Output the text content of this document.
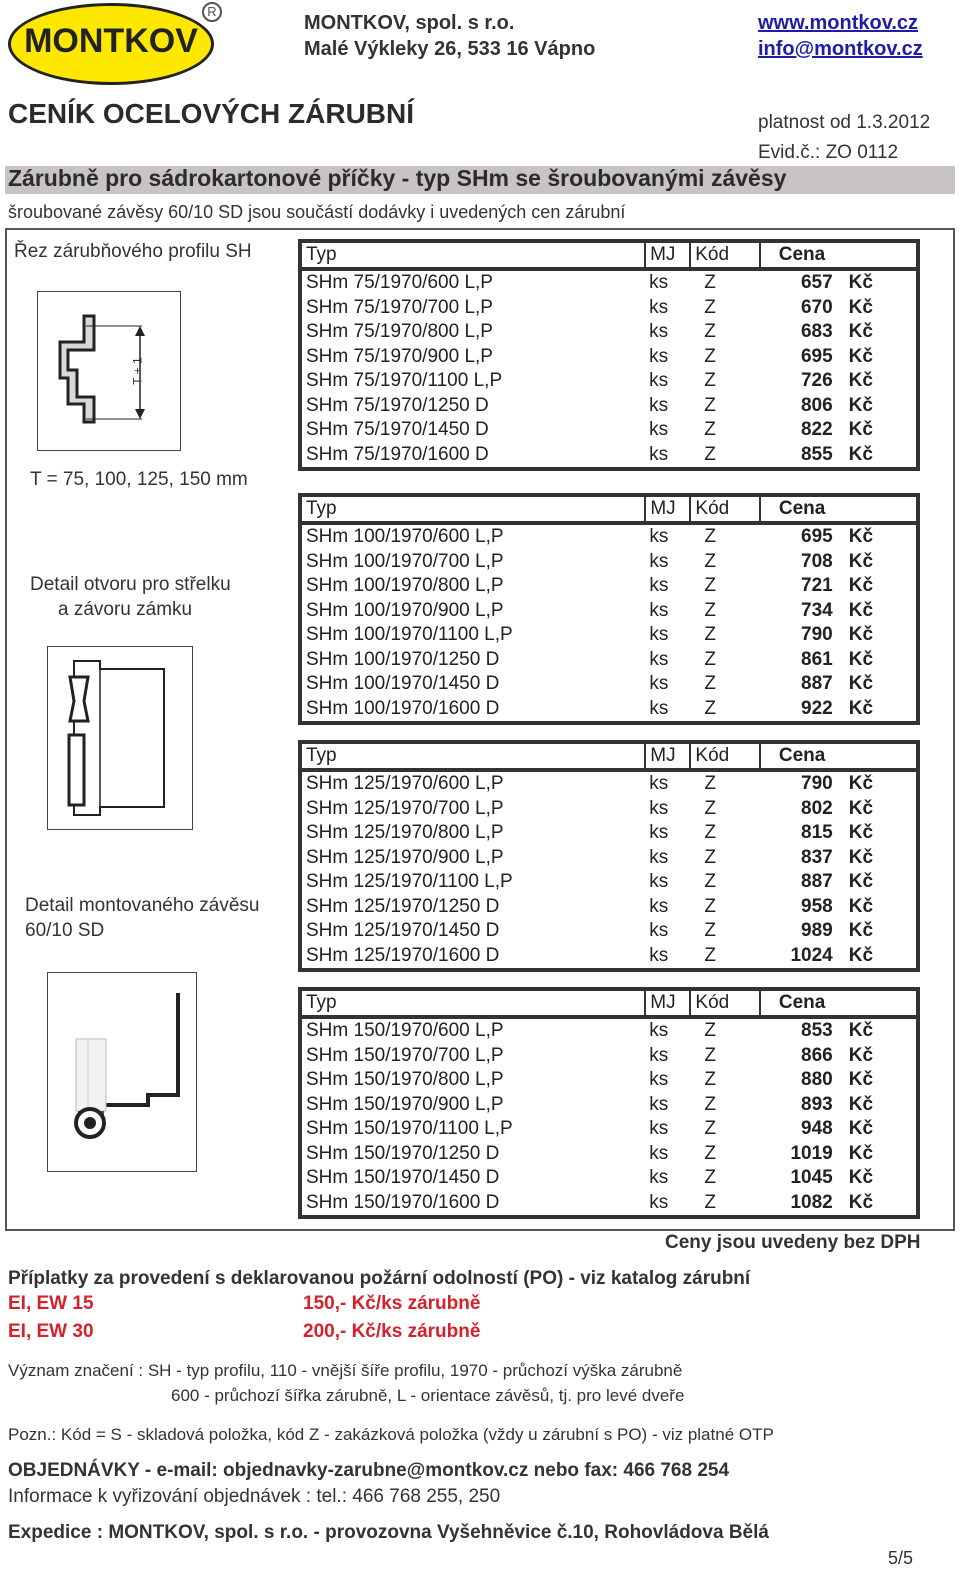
MONTKOV
R
MONTKOV, spol. s r.o.
Malé Výkleky 26, 533 16 Vápno
www.montkov.cz
info@montkov.cz
CENÍK OCELOVÝCH ZÁRUBNÍ	platnost od 1.3.2012
Evid.č.: ZO 0112
Zárubně pro sádrokartonové příčky - typ SHm se šroubovanými závěsy
šroubované závěsy 60/10 SD jsou součástí dodávky i uvedených cen zárubní
Řez zárubňového profilu SH
T + 1
T = 75, 100, 125, 150 mm
Detail otvoru pro střelku
a závoru zámku
Detail montovaného závěsu
60/10 SD
Typ	MJ	Kód	Cena	
SHm 75/1970/600 L,P	ks	Z	657	Kč
SHm 75/1970/700 L,P	ks	Z	670	Kč
SHm 75/1970/800 L,P	ks	Z	683	Kč
SHm 75/1970/900 L,P	ks	Z	695	Kč
SHm 75/1970/1100 L,P	ks	Z	726	Kč
SHm 75/1970/1250 D	ks	Z	806	Kč
SHm 75/1970/1450 D	ks	Z	822	Kč
SHm 75/1970/1600 D	ks	Z	855	Kč
Typ	MJ	Kód	Cena	
SHm 100/1970/600 L,P	ks	Z	695	Kč
SHm 100/1970/700 L,P	ks	Z	708	Kč
SHm 100/1970/800 L,P	ks	Z	721	Kč
SHm 100/1970/900 L,P	ks	Z	734	Kč
SHm 100/1970/1100 L,P	ks	Z	790	Kč
SHm 100/1970/1250 D	ks	Z	861	Kč
SHm 100/1970/1450 D	ks	Z	887	Kč
SHm 100/1970/1600 D	ks	Z	922	Kč
Typ	MJ	Kód	Cena	
SHm 125/1970/600 L,P	ks	Z	790	Kč
SHm 125/1970/700 L,P	ks	Z	802	Kč
SHm 125/1970/800 L,P	ks	Z	815	Kč
SHm 125/1970/900 L,P	ks	Z	837	Kč
SHm 125/1970/1100 L,P	ks	Z	887	Kč
SHm 125/1970/1250 D	ks	Z	958	Kč
SHm 125/1970/1450 D	ks	Z	989	Kč
SHm 125/1970/1600 D	ks	Z	1024	Kč
Typ	MJ	Kód	Cena	
SHm 150/1970/600 L,P	ks	Z	853	Kč
SHm 150/1970/700 L,P	ks	Z	866	Kč
SHm 150/1970/800 L,P	ks	Z	880	Kč
SHm 150/1970/900 L,P	ks	Z	893	Kč
SHm 150/1970/1100 L,P	ks	Z	948	Kč
SHm 150/1970/1250 D	ks	Z	1019	Kč
SHm 150/1970/1450 D	ks	Z	1045	Kč
SHm 150/1970/1600 D	ks	Z	1082	Kč
Ceny jsou uvedeny bez DPH
Příplatky za provedení s deklarovanou požární odolností (PO) - viz katalog zárubní
EI, EW 15	150,- Kč/ks zárubně
EI, EW 30	200,- Kč/ks zárubně
Význam značení : SH - typ profilu, 110 - vnější šíře profilu, 1970 - průchozí výška zárubně
600 - průchozí šířka zárubně, L - orientace závěsů, tj. pro levé dveře
Pozn.: Kód = S - skladová položka, kód Z - zakázková položka (vždy u zárubní s PO) - viz platné OTP
OBJEDNÁVKY - e-mail: objednavky-zarubne@montkov.cz nebo fax: 466 768 254
Informace k vyřizování objednávek : tel.: 466 768 255, 250
Expedice : MONTKOV, spol. s r.o. - provozovna Vyšehněvice č.10, Rohovládova Bělá
5/5
